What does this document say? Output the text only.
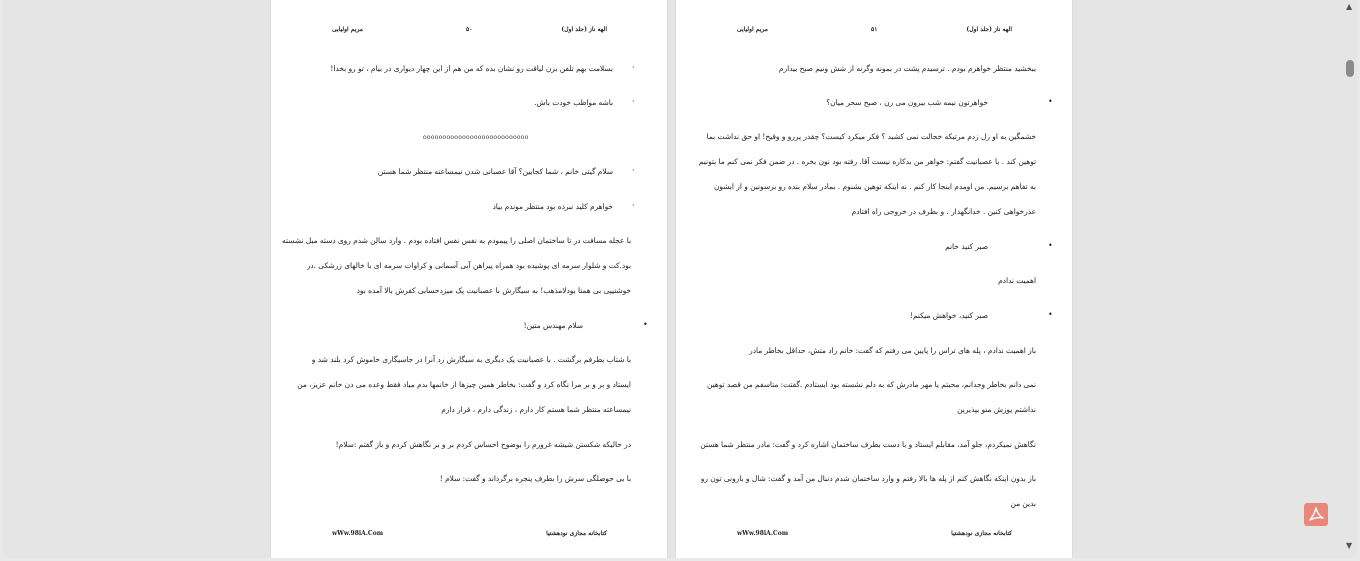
الهه ناز (جلد اول)
۵۰
مریم اولیایی
·
بسلامت بهم تلفن بزن لیاقت رو نشان بده که من هم از این چهار دیواری در بیام ، تو رو بخدا!
·
باشه مواظب خودت باش.
ooooooooooooooooooooooooooo
·
سلام گیتی خانم ، شما کجایین؟ آقا عصبانی شدن نیمساعته منتظر شما هستن
·
خواهرم کلید نبرده بود منتظر موندم بیاد
با عجله مسافت در تا ساختمان اصلی را پیمودم به نفس نفس افتاده بودم . وارد سالن شدم روی دسته مبل نشسته
بود.کت و شلوار سرمه ای پوشیده بود همراه پیراهن آبی آسمانی و کراوات سرمه ای با خالهای زرشکی .در
خوشتیپی بی همتا بودلامذهب! به سیگارش با عصبانیت پک میزدحسابی کفرش بالا آمده بود
•
سلام مهندس متین!
با شتاب بطرفم برگشت . با عصبانیت پک دیگری به سیگارش زد آنرا در جاسیگاری خاموش کرد بلند شد و
ایستاد و بر و بر مرا نگاه کرد و گفت: بخاطر همین چیزها از خانمها بدم میاد فقط وعده می دن خانم عزیز، من
نیمساعته منتظر شما هستم کار دارم ، زندگی دارم ، قرار دارم
در حالیکه شکستن شیشه غرورم را بوضوح احساس کردم بر و بر نگاهش کردم و باز گفتم :سلام!
با بی حوصلگی سرش را بطرف پنجره برگرداند و گفت: سلام !
کتابخانه مجازی نودهشتیا
wWw.98iA.Com
الهه ناز (جلد اول)
۵۱
مریم اولیایی
ببخشید منتظر خواهرم بودم . ترسیدم پشت در بمونه وگرنه از شش ونیم صبح بیدارم
•
خواهرتون نیمه شب بیرون می رن ، صبح سحر میان؟
خشمگین به او زل زدم مرتیکه خجالت نمی کشید ؟ فکر میکرد کیست؟ چقدر پررو و وقیح! او حق نداشت بما
توهین کند . با عصبانیت گفتم: خواهر من بدکاره نیست آقا. رفته بود نون بخره . در ضمن فکر نمی کنم ما بتونیم
به تفاهم برسیم. من اومدم اینجا کار کنم . نه اینکه توهین بشنوم . بمادر سلام بنده رو برسونین و از ایشون
عذرخواهی کنین . خدانگهدار . و بطرف در خروجی راه افتادم
•
صبر کنید خانم
اهمیت ندادم
•
صبر کنید، خواهش میکنم!
باز اهمیت ندادم ، پله های تراس را پایین می رفتم که گفت: خانم راد متش، حداقل بخاطر مادر
نمی دانم بخاطر وجدانم، محبتم یا مهر مادرش که به دلم نشسته بود ایستادم .گفتت: متاسفم من قصد توهین
نداشتم پوزش منو بپذیرین
نگاهش نمیکردم، جلو آمد، مقابلم ایستاد و با دست بطرف ساختمان اشاره کرد و گفت: مادر منتظر شما هستن
باز بدون اینکه نگاهش کنم از پله ها بالا رفتم و وارد ساختمان شدم دنبال من آمد و گفت: شال و بارونی تون رو
بدین من
کتابخانه مجازی نودهشتیا
wWw.98iA.Com
▲
▼
